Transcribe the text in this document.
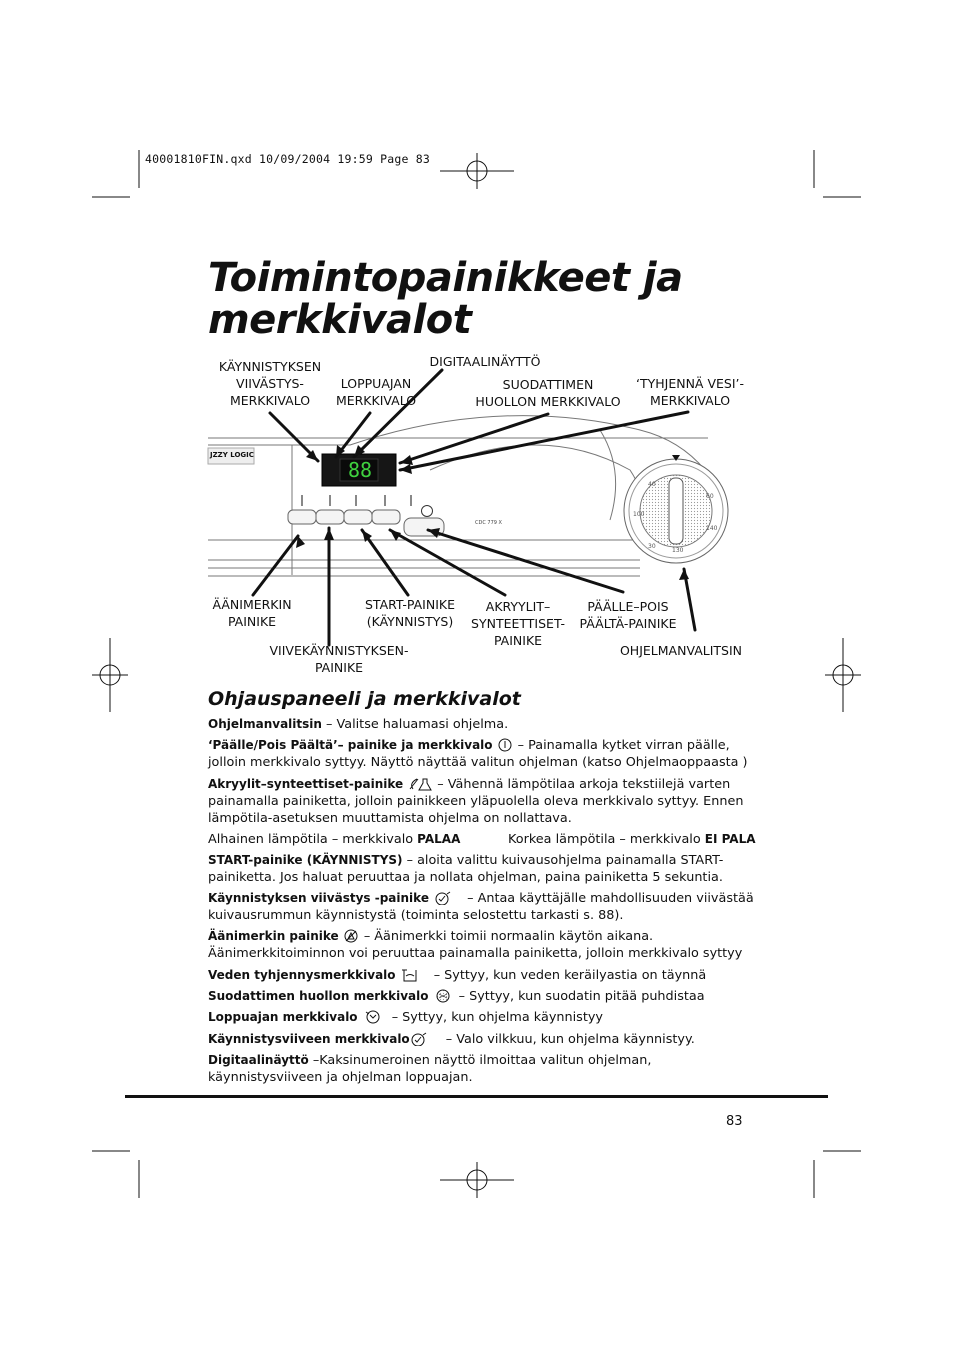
40001810FIN.qxd 10/09/2004 19:59 Page 83
Toimintopainikkeet ja
merkkivalot
40
60
100
140
30
130
JZZY LOGIC
88
CDC 779 X
KÄYNNISTYKSEN
VIIVÄSTYS-
MERKKIVALO
LOPPUAJAN
MERKKIVALO
DIGITAALINÄYTTÖ
SUODATTIMEN
HUOLLON MERKKIVALO
‘TYHJENNÄ VESI’-
MERKKIVALO
ÄÄNIMERKIN
PAINIKE
START-PAINIKE
(KÄYNNISTYS)
AKRYYLIT–
SYNTEETTISET-
PAINIKE
PÄÄLLE–POIS
PÄÄLTÄ-PAINIKE
VIIVEKÄYNNISTYKSEN-
PAINIKE
OHJELMANVALITSIN
Ohjauspaneeli ja merkkivalot
Ohjelmanvalitsin – Valitse haluamasi ohjelma.
‘Päälle/Pois Päältä’– painike ja merkkivalo
– Painamalla kytket virran päälle, jolloin merkkivalo syttyy. Näyttö näyttää valitun ohjelman (katso Ohjelmaoppaasta )
Akryylit–synteettiset-painike
– Vähennä lämpötilaa arkoja tekstiilejä varten painamalla painiketta, jolloin painikkeen yläpuolella oleva merkkivalo syttyy. Ennen lämpötila-asetuksen muuttamista ohjelma on nollattava.
Alhainen lämpötila – merkkivalo PALAA	Korkea lämpötila – merkkivalo EI PALA
START-painike (KÄYNNISTYS) – aloita valittu kuivausohjelma painamalla START-painiketta. Jos haluat peruuttaa ja nollata ohjelman, paina painiketta 5 sekuntia.
Käynnistyksen viivästys -painike	– Antaa käyttäjälle mahdollisuuden viivästää kuivausrummun käynnistystä (toiminta selostettu tarkasti s. 88).
Äänimerkin painike
– Äänimerkki toimii normaalin käytön aikana. Äänimerkkitoiminnon voi peruuttaa painamalla painiketta, jolloin merkkivalo syttyy
Veden tyhjennysmerkkivalo	– Syttyy, kun veden keräilyastia on täynnä
Suodattimen huollon merkkivalo
– Syttyy, kun suodatin pitää puhdistaa
Loppuajan merkkivalo
– Syttyy, kun ohjelma käynnistyy
Käynnistysviiveen merkkivalo	– Valo vilkkuu, kun ohjelma käynnistyy.
Digitaalinäyttö –Kaksinumeroinen näyttö ilmoittaa valitun ohjelman, käynnistysviiveen ja ohjelman loppuajan.
83
